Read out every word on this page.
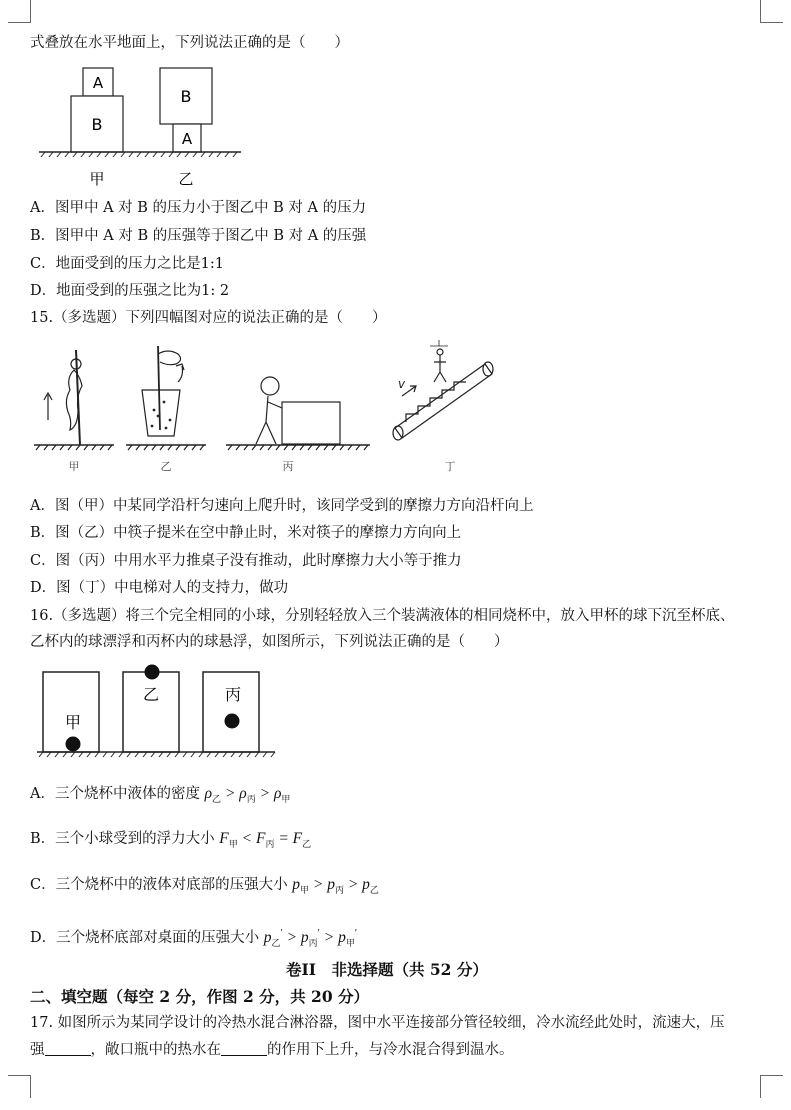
式叠放在水平地面上，下列说法正确的是（　　）
A
B
B
A
甲	乙
A．图甲中 A 对 B 的压力小于图乙中 B 对 A 的压力
B．图甲中 A 对 B 的压强等于图乙中 B 对 A 的压强
C．地面受到的压力之比是1:1
D．地面受到的压强之比为1: 2
15.（多选题）下列四幅图对应的说法正确的是（　　）
甲	乙	丙
v
丁
A．图（甲）中某同学沿杆匀速向上爬升时，该同学受到的摩擦力方向沿杆向上
B．图（乙）中筷子提米在空中静止时，米对筷子的摩擦力方向向上
C．图（丙）中用水平力推桌子没有推动，此时摩擦力大小等于推力
D．图（丁）中电梯对人的支持力，做功
16.（多选题）将三个完全相同的小球，分别轻轻放入三个装满液体的相同烧杯中，放入甲杯的球下沉至杯底、
乙杯内的球漂浮和丙杯内的球悬浮，如图所示，下列说法正确的是（　　）
甲
乙	丙
A．三个烧杯中液体的密度 $\rho_乙 > \rho_丙 > \rho_甲$
B．三个小球受到的浮力大小 $F_甲 < F_丙 = F_乙$
C．三个烧杯中的液体对底部的压强大小 $p_甲 > p_丙 > p_乙$
D．三个烧杯底部对桌面的压强大小 $p_乙' > p_丙' > p_甲'$
卷II　非选择题（共 52 分）
二、填空题（每空 2 分，作图 2 分，共 20 分）
17. 如图所示为某同学设计的冷热水混合淋浴器，图中水平连接部分管径较细，冷水流经此处时，流速大，压
强	，敞口瓶中的热水在	的作用下上升，与冷水混合得到温水。
